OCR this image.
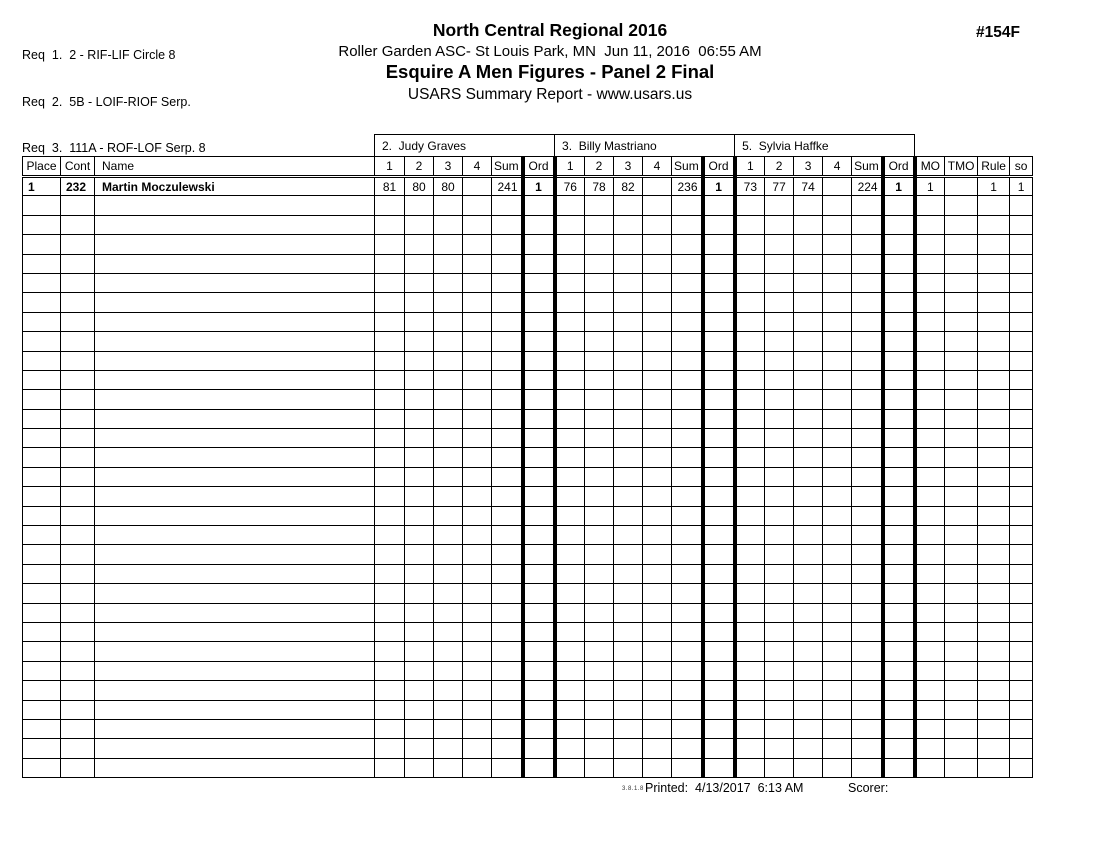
Req  1.  2 - RIF-LIF Circle 8

Req  2.  5B - LOIF-RIOF Serp.

Req  3.  111A - ROF-LOF Serp. 8

North Central Regional 2016
Roller Garden ASC- St Louis Park, MN  Jun 11, 2016  06:55 AM
Esquire A Men Figures - Panel 2 Final
USARS Summary Report - www.usars.us
#154F
			2.  Judy Graves						3.  Billy Mastriano						5.  Sylvia Haffke									
Place	Cont	Name	1	2	3	4	Sum	Ord	1	2	3	4	Sum	Ord	1	2	3	4	Sum	Ord	MO	TMO	Rule	so
1	232	Martin Moczulewski	81	80	80		241	1	76	78	82		236	1	73	77	74		224	1	1		1	1

3.8.1.8 Printed:  4/13/2017  6:13 AM	Scorer:
